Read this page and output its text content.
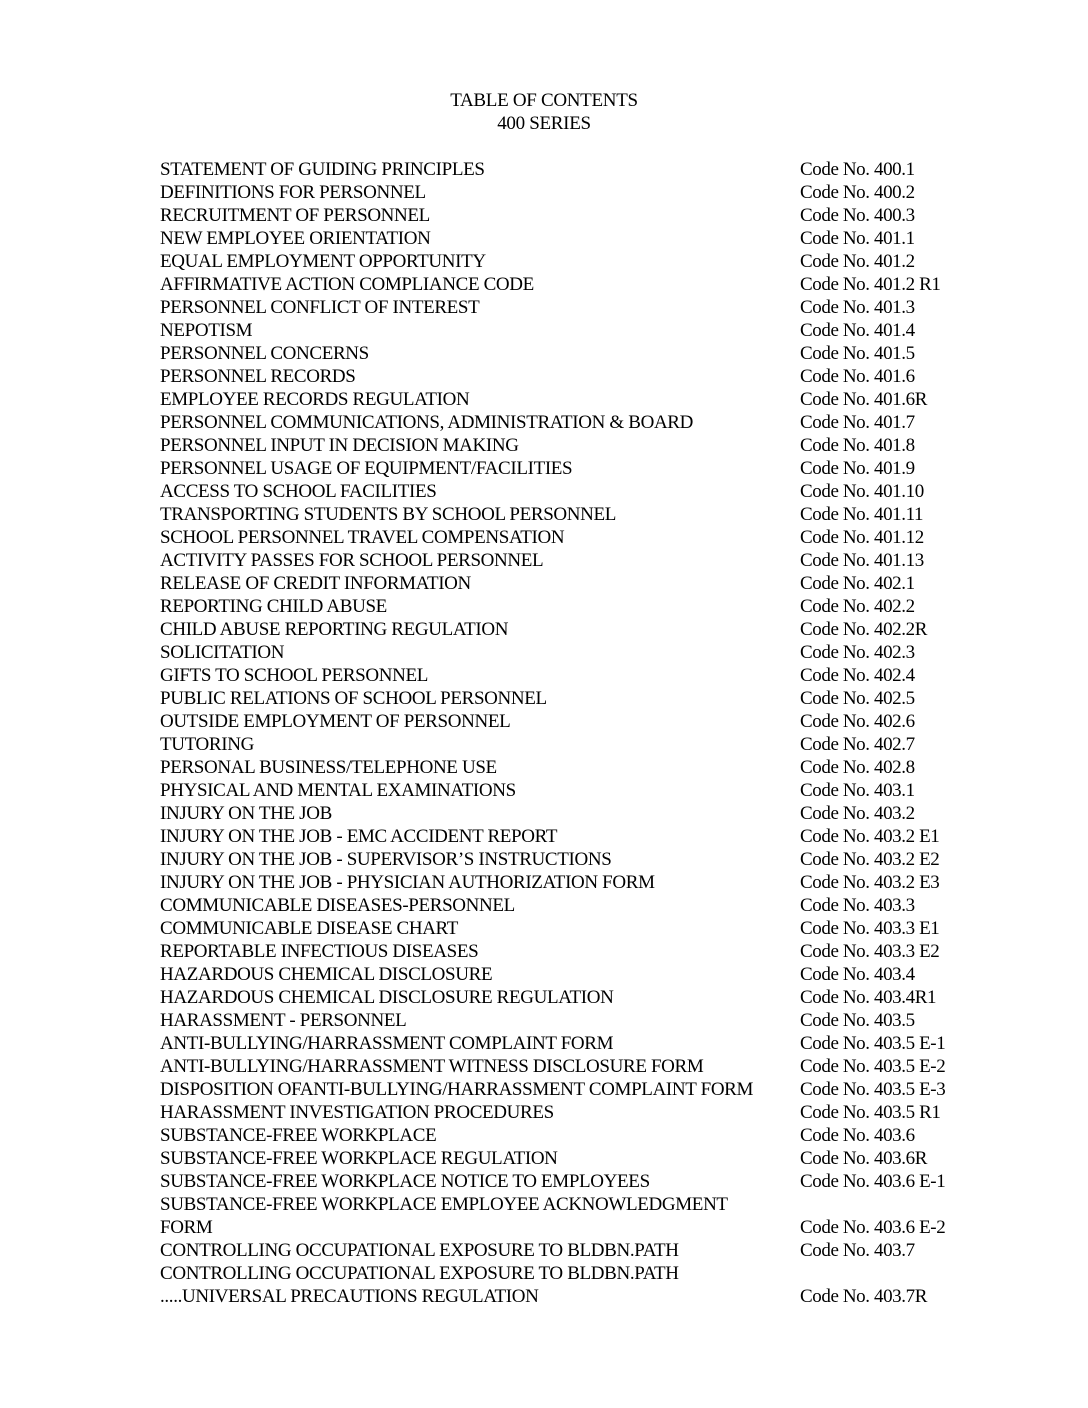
TABLE OF CONTENTS
400 SERIES
STATEMENT OF GUIDING PRINCIPLES	Code No. 400.1
DEFINITIONS FOR PERSONNEL	Code No. 400.2
RECRUITMENT OF PERSONNEL	Code No. 400.3
NEW EMPLOYEE ORIENTATION	Code No. 401.1
EQUAL EMPLOYMENT OPPORTUNITY	Code No. 401.2
AFFIRMATIVE ACTION COMPLIANCE CODE	Code No. 401.2 R1
PERSONNEL CONFLICT OF INTEREST	Code No. 401.3
NEPOTISM	Code No. 401.4
PERSONNEL CONCERNS	Code No. 401.5
PERSONNEL RECORDS	Code No. 401.6
EMPLOYEE RECORDS REGULATION	Code No. 401.6R
PERSONNEL COMMUNICATIONS, ADMINISTRATION & BOARD	Code No. 401.7
PERSONNEL INPUT IN DECISION MAKING	Code No. 401.8
PERSONNEL USAGE OF EQUIPMENT/FACILITIES	Code No. 401.9
ACCESS TO SCHOOL FACILITIES	Code No. 401.10
TRANSPORTING STUDENTS BY SCHOOL PERSONNEL	Code No. 401.11
SCHOOL PERSONNEL TRAVEL COMPENSATION	Code No. 401.12
ACTIVITY PASSES FOR SCHOOL PERSONNEL	Code No. 401.13
RELEASE OF CREDIT INFORMATION	Code No. 402.1
REPORTING CHILD ABUSE	Code No. 402.2
CHILD ABUSE REPORTING REGULATION	Code No. 402.2R
SOLICITATION	Code No. 402.3
GIFTS TO SCHOOL PERSONNEL	Code No. 402.4
PUBLIC RELATIONS OF SCHOOL PERSONNEL	Code No. 402.5
OUTSIDE EMPLOYMENT OF PERSONNEL	Code No. 402.6
TUTORING	Code No. 402.7
PERSONAL BUSINESS/TELEPHONE USE	Code No. 402.8
PHYSICAL AND MENTAL EXAMINATIONS	Code No. 403.1
INJURY ON THE JOB	Code No. 403.2
INJURY ON THE JOB - EMC ACCIDENT REPORT	Code No. 403.2 E1
INJURY ON THE JOB - SUPERVISOR’S INSTRUCTIONS	Code No. 403.2 E2
INJURY ON THE JOB - PHYSICIAN AUTHORIZATION FORM	Code No. 403.2 E3
COMMUNICABLE DISEASES-PERSONNEL	Code No. 403.3
COMMUNICABLE DISEASE CHART	Code No. 403.3 E1
REPORTABLE INFECTIOUS DISEASES	Code No. 403.3 E2
HAZARDOUS CHEMICAL DISCLOSURE	Code No. 403.4
HAZARDOUS CHEMICAL DISCLOSURE REGULATION	Code No. 403.4R1
HARASSMENT - PERSONNEL	Code No. 403.5
ANTI-BULLYING/HARRASSMENT COMPLAINT FORM	Code No. 403.5 E-1
ANTI-BULLYING/HARRASSMENT WITNESS DISCLOSURE FORM	Code No. 403.5 E-2
DISPOSITION OFANTI-BULLYING/HARRASSMENT COMPLAINT FORM Code No. 403.5 E-3
HARASSMENT INVESTIGATION PROCEDURES	Code No. 403.5 R1
SUBSTANCE-FREE WORKPLACE	Code No. 403.6
SUBSTANCE-FREE WORKPLACE REGULATION	Code No. 403.6R
SUBSTANCE-FREE WORKPLACE NOTICE TO EMPLOYEES	Code No. 403.6 E-1
SUBSTANCE-FREE WORKPLACE EMPLOYEE ACKNOWLEDGMENT
FORM	Code No. 403.6 E-2
CONTROLLING OCCUPATIONAL EXPOSURE TO BLDBN.PATH	Code No. 403.7
CONTROLLING OCCUPATIONAL EXPOSURE TO BLDBN.PATH
.....UNIVERSAL PRECAUTIONS REGULATION	Code No. 403.7R
